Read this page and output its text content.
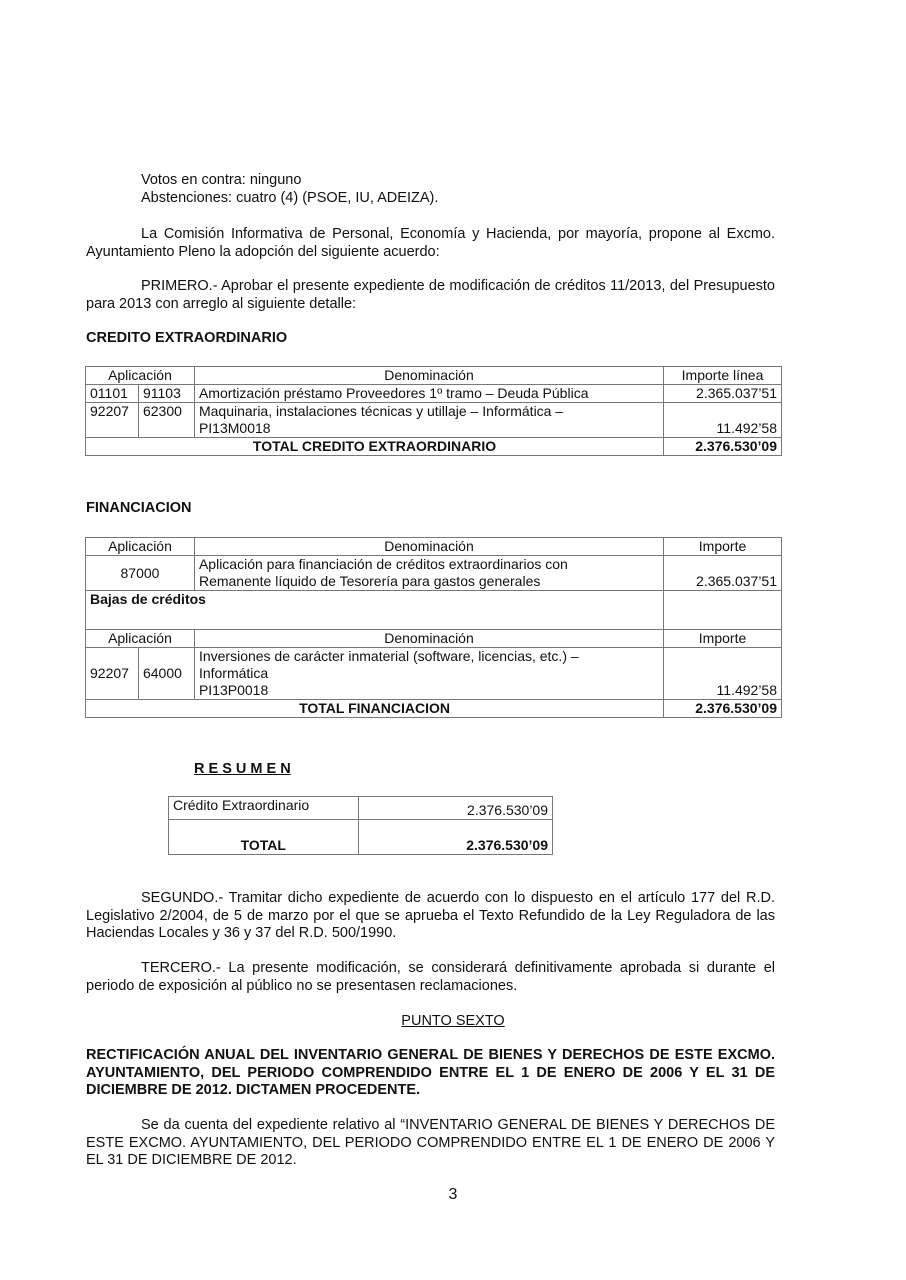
Votos en contra: ninguno

Abstenciones: cuatro (4) (PSOE, IU, ADEIZA).

La Comisión Informativa de Personal, Economía y Hacienda, por mayoría, propone al Excmo. Ayuntamiento Pleno la adopción del siguiente acuerdo:

PRIMERO.- Aprobar el presente expediente de modificación de créditos 11/2013, del Presupuesto para 2013 con arreglo al siguiente detalle:

CREDITO EXTRAORDINARIO

Aplicación		Denominación	Importe línea
01101	91103	Amortización préstamo Proveedores 1º tramo – Deuda Pública	2.365.037’51
92207	62300	Maquinaria, instalaciones técnicas y utillaje – Informática –
PI13M0018	11.492’58
TOTAL CREDITO EXTRAORDINARIO			2.376.530’09

FINANCIACION

Aplicación		Denominación	Importe
87000		Aplicación para financiación de créditos extraordinarios con
Remanente líquido de Tesorería para gastos generales	2.365.037’51
Bajas de créditos			
Aplicación		Denominación	Importe
92207	64000	Inversiones de carácter inmaterial (software, licencias, etc.) –
Informática
PI13P0018	11.492’58
TOTAL FINANCIACION			2.376.530’09

R E S U M E N

Crédito Extraordinario	2.376.530’09
TOTAL	2.376.530’09

SEGUNDO.- Tramitar dicho expediente de acuerdo con lo dispuesto en el artículo 177 del R.D. Legislativo 2/2004, de 5 de marzo por el que se aprueba el Texto Refundido de la Ley Reguladora de las Haciendas Locales y 36 y 37 del R.D. 500/1990.

TERCERO.- La presente modificación, se considerará definitivamente aprobada si durante el periodo de exposición al público no se presentasen reclamaciones.

PUNTO SEXTO

RECTIFICACIÓN ANUAL DEL INVENTARIO GENERAL DE BIENES Y DERECHOS DE ESTE EXCMO. AYUNTAMIENTO, DEL PERIODO COMPRENDIDO ENTRE EL 1 DE ENERO DE 2006 Y EL 31 DE DICIEMBRE DE 2012. DICTAMEN PROCEDENTE.

Se da cuenta del expediente relativo al “INVENTARIO GENERAL DE BIENES Y DERECHOS DE ESTE EXCMO. AYUNTAMIENTO, DEL PERIODO COMPRENDIDO ENTRE EL 1 DE ENERO DE 2006 Y EL 31 DE DICIEMBRE DE 2012.

3
